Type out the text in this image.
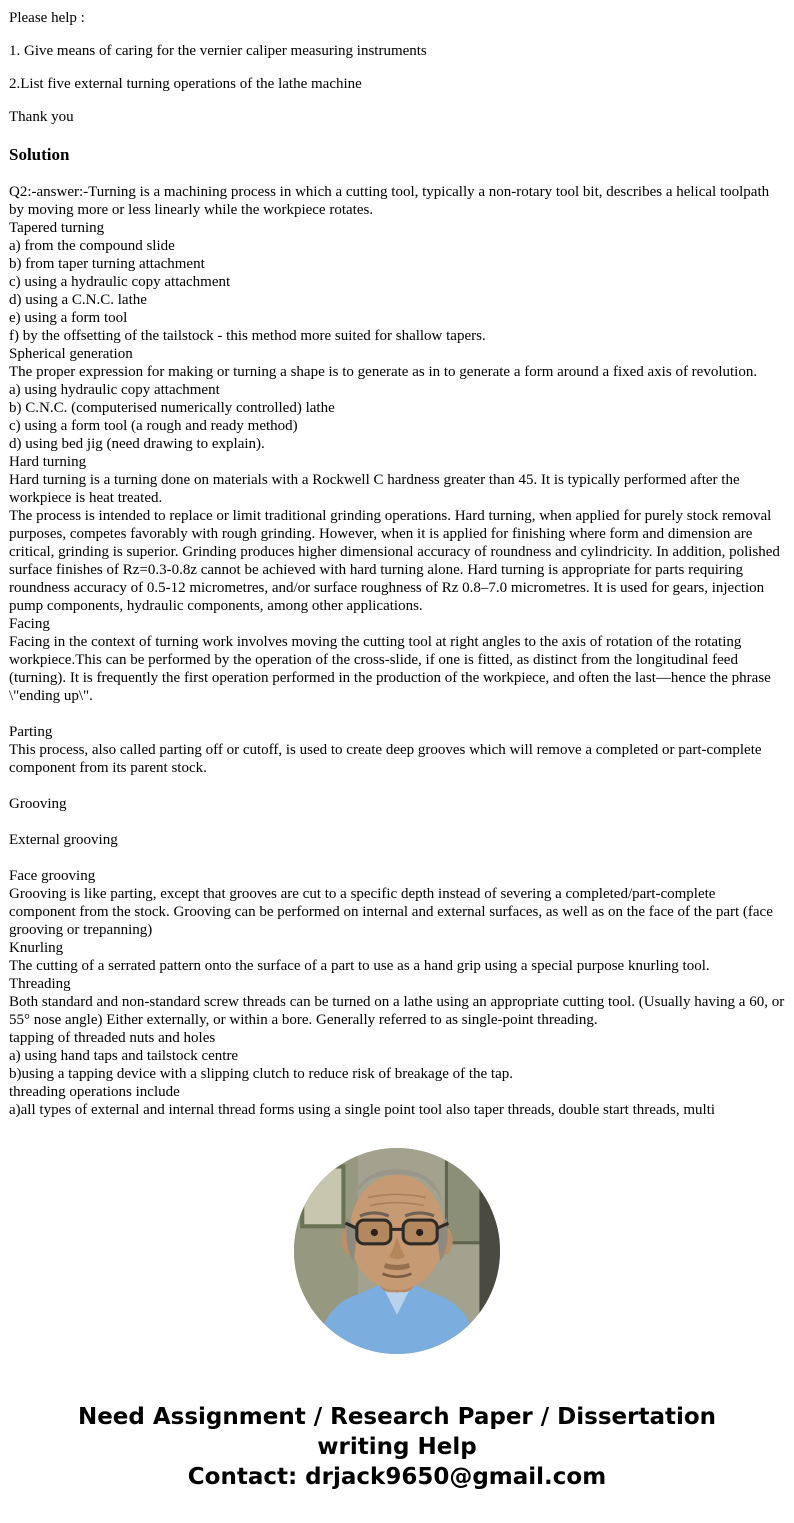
Please help :

1. Give means of caring for the vernier caliper measuring instruments

2.List five external turning operations of the lathe machine

Thank you

Solution
Q2:-answer:-Turning is a machining process in which a cutting tool, typically a non-rotary tool bit, describes a helical toolpath by moving more or less linearly while the workpiece rotates.
Tapered turning
a) from the compound slide
b) from taper turning attachment
c) using a hydraulic copy attachment
d) using a C.N.C. lathe
e) using a form tool
f) by the offsetting of the tailstock - this method more suited for shallow tapers.
Spherical generation
The proper expression for making or turning a shape is to generate as in to generate a form around a fixed axis of revolution.
a) using hydraulic copy attachment
b) C.N.C. (computerised numerically controlled) lathe
c) using a form tool (a rough and ready method)
d) using bed jig (need drawing to explain).
Hard turning
Hard turning is a turning done on materials with a Rockwell C hardness greater than 45. It is typically performed after the workpiece is heat treated.
The process is intended to replace or limit traditional grinding operations. Hard turning, when applied for purely stock removal purposes, competes favorably with rough grinding. However, when it is applied for finishing where form and dimension are critical, grinding is superior. Grinding produces higher dimensional accuracy of roundness and cylindricity. In addition, polished surface finishes of Rz=0.3-0.8z cannot be achieved with hard turning alone. Hard turning is appropriate for parts requiring roundness accuracy of 0.5-12 micrometres, and/or surface roughness of Rz 0.8–7.0 micrometres. It is used for gears, injection pump components, hydraulic components, among other applications.
Facing
Facing in the context of turning work involves moving the cutting tool at right angles to the axis of rotation of the rotating workpiece.This can be performed by the operation of the cross-slide, if one is fitted, as distinct from the longitudinal feed (turning). It is frequently the first operation performed in the production of the workpiece, and often the last—hence the phrase \"ending up\".
Parting
This process, also called parting off or cutoff, is used to create deep grooves which will remove a completed or part-complete component from its parent stock.
Grooving
External grooving
Face grooving
Grooving is like parting, except that grooves are cut to a specific depth instead of severing a completed/part-complete component from the stock. Grooving can be performed on internal and external surfaces, as well as on the face of the part (face grooving or trepanning)
Knurling
The cutting of a serrated pattern onto the surface of a part to use as a hand grip using a special purpose knurling tool.
Threading
Both standard and non-standard screw threads can be turned on a lathe using an appropriate cutting tool. (Usually having a 60, or 55° nose angle) Either externally, or within a bore. Generally referred to as single-point threading.
tapping of threaded nuts and holes
a) using hand taps and tailstock centre
b)using a tapping device with a slipping clutch to reduce risk of breakage of the tap.
threading operations include
a)all types of external and internal thread forms using a single point tool also taper threads, double start threads, multi
Need Assignment / Research Paper / Dissertation writing Help
Contact: drjack9650@gmail.com
